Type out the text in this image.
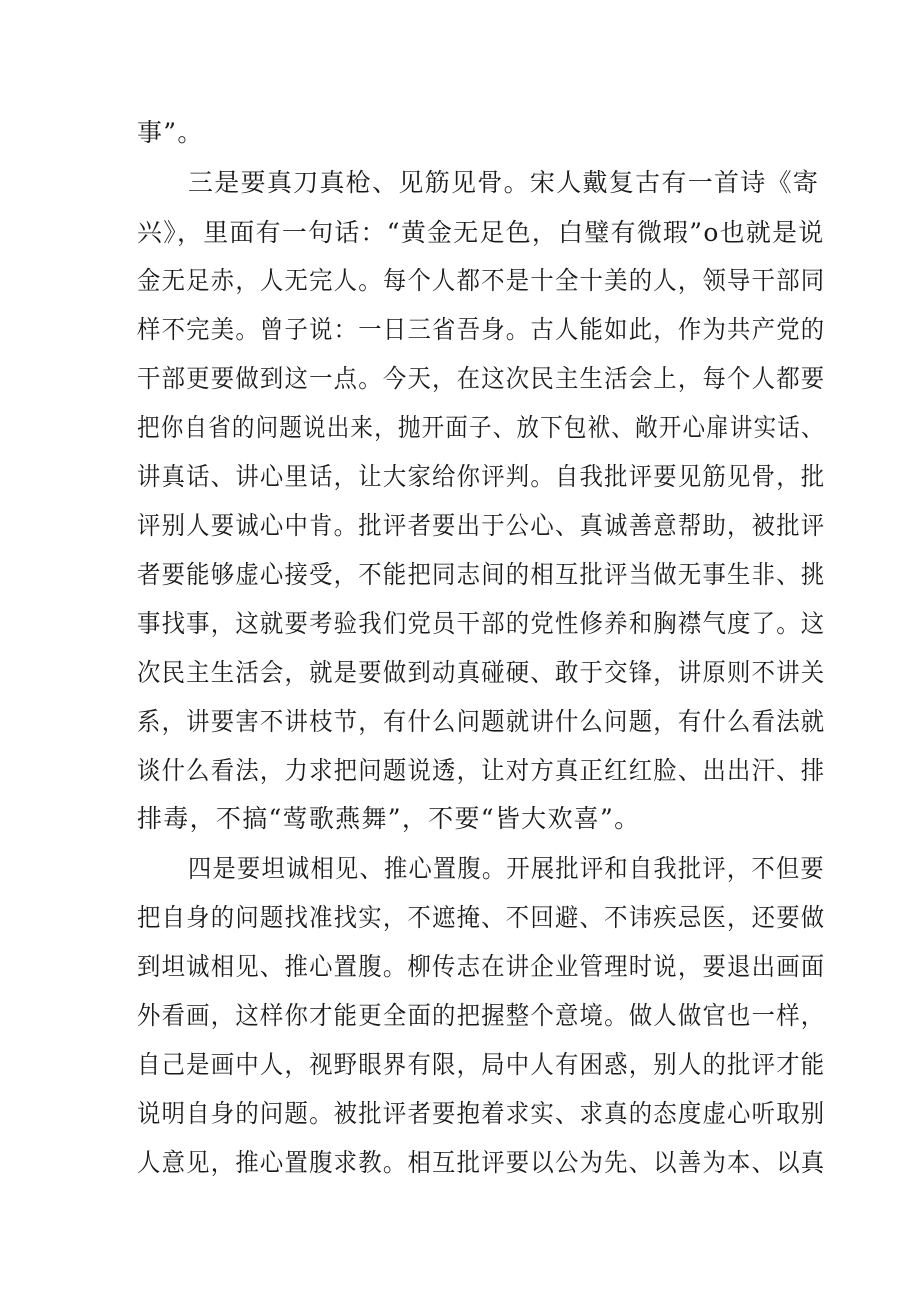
事”。
三是要真刀真枪、见筋见骨。宋人戴复古有一首诗《寄
兴》，里面有一句话：“黄金无足色，白璧有微瑕”o也就是说
金无足赤，人无完人。每个人都不是十全十美的人，领导干部同
样不完美。曾子说：一日三省吾身。古人能如此，作为共产党的
干部更要做到这一点。今天，在这次民主生活会上，每个人都要
把你自省的问题说出来，抛开面子、放下包袱、敞开心扉讲实话、
讲真话、讲心里话，让大家给你评判。自我批评要见筋见骨，批
评别人要诚心中肯。批评者要出于公心、真诚善意帮助，被批评
者要能够虚心接受，不能把同志间的相互批评当做无事生非、挑
事找事，这就要考验我们党员干部的党性修养和胸襟气度了。这
次民主生活会，就是要做到动真碰硬、敢于交锋，讲原则不讲关
系，讲要害不讲枝节，有什么问题就讲什么问题，有什么看法就
谈什么看法，力求把问题说透，让对方真正红红脸、出出汗、排
排毒，不搞“莺歌燕舞”，不要“皆大欢喜”。
四是要坦诚相见、推心置腹。开展批评和自我批评，不但要
把自身的问题找准找实，不遮掩、不回避、不讳疾忌医，还要做
到坦诚相见、推心置腹。柳传志在讲企业管理时说，要退出画面
外看画，这样你才能更全面的把握整个意境。做人做官也一样，
自己是画中人，视野眼界有限，局中人有困惑，别人的批评才能
说明自身的问题。被批评者要抱着求实、求真的态度虚心听取别
人意见，推心置腹求教。相互批评要以公为先、以善为本、以真
